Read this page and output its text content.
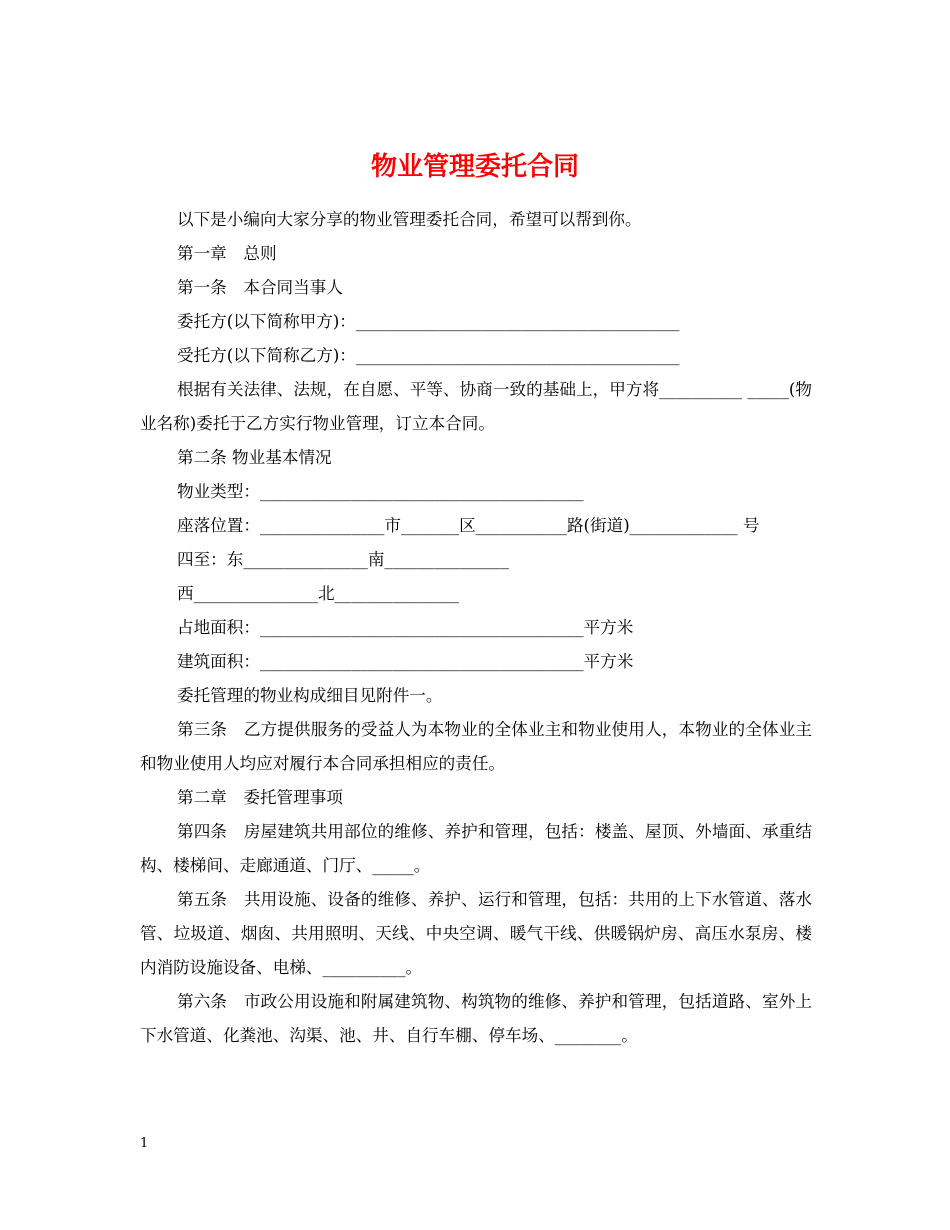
物业管理委托合同

以下是小编向大家分享的物业管理委托合同，希望可以帮到你。

第一章　总则

第一条　本合同当事人

委托方(以下简称甲方)：_______________________________________

受托方(以下简称乙方)：_______________________________________

根据有关法律、法规，在自愿、平等、协商一致的基础上，甲方将__________ _____(物业名称)委托于乙方实行物业管理，订立本合同。

第二条 物业基本情况

物业类型：_______________________________________

座落位置：_______________市_______区___________路(街道)_____________ 号

四至：东_______________南_______________

西_______________北_______________

占地面积：_______________________________________平方米

建筑面积：_______________________________________平方米

委托管理的物业构成细目见附件一。

第三条　乙方提供服务的受益人为本物业的全体业主和物业使用人，本物业的全体业主和物业使用人均应对履行本合同承担相应的责任。

第二章　委托管理事项

第四条　房屋建筑共用部位的维修、养护和管理，包括：楼盖、屋顶、外墙面、承重结构、楼梯间、走廊通道、门厅、_____。

第五条　共用设施、设备的维修、养护、运行和管理，包括：共用的上下水管道、落水管、垃圾道、烟囱、共用照明、天线、中央空调、暖气干线、供暖锅炉房、高压水泵房、楼内消防设施设备、电梯、__________。

第六条　市政公用设施和附属建筑物、构筑物的维修、养护和管理，包括道路、室外上下水管道、化粪池、沟渠、池、井、自行车棚、停车场、________。

1
